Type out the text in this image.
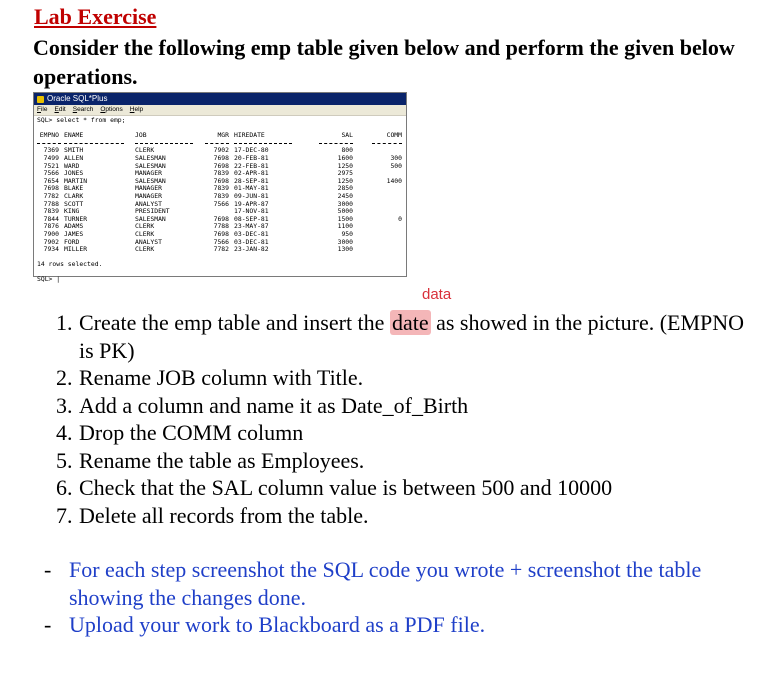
Lab Exercise
Consider the following emp table given below and perform the given below operations.
Oracle SQL*Plus
File Edit Search Options Help
SQL> select * from emp;
EMPNO ENAME	JOB	MGR HIREDATE	SAL	COMM
7369 SMITH	CLERK	7902 17-DEC-80	800
7499 ALLEN	SALESMAN	7698 20-FEB-81	1600	300
7521 WARD	SALESMAN	7698 22-FEB-81	1250	500
7566 JONES	MANAGER	7839 02-APR-81	2975
7654 MARTIN	SALESMAN	7698 28-SEP-81	1250	1400
7698 BLAKE	MANAGER	7839 01-MAY-81	2850
7782 CLARK	MANAGER	7839 09-JUN-81	2450
7788 SCOTT	ANALYST	7566 19-APR-87	3000
7839 KING	PRESIDENT	17-NOV-81	5000
7844 TURNER	SALESMAN	7698 08-SEP-81	1500	0
7876 ADAMS	CLERK	7788 23-MAY-87	1100
7900 JAMES	CLERK	7698 03-DEC-81	950
7902 FORD	ANALYST	7566 03-DEC-81	3000
7934 MILLER	CLERK	7782 23-JAN-82	1300
14 rows selected.
SQL> |
data
1. Create the emp table and insert the date as showed in the picture. (EMPNO is PK)
2. Rename JOB column with Title.
3. Add a column and name it as Date_of_Birth
4. Drop the COMM column
5. Rename the table as Employees.
6. Check that the SAL column value is between 500 and 10000
7. Delete all records from the table.
- For each step screenshot the SQL code you wrote + screenshot the table showing the changes done.
- Upload your work to Blackboard as a PDF file.
